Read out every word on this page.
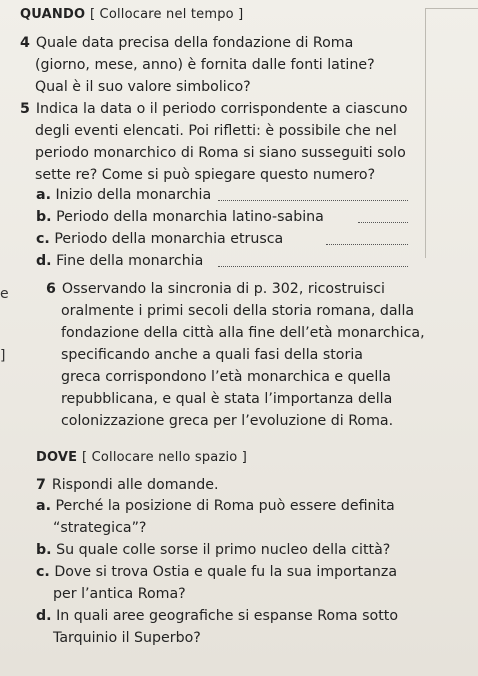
QUANDO [ Collocare nel tempo ]
4 Quale data precisa della fondazione di Roma
(giorno, mese, anno) è fornita dalle fonti latine?
Qual è il suo valore simbolico?
5 Indica la data o il periodo corrispondente a ciascuno
degli eventi elencati. Poi rifletti: è possibile che nel
periodo monarchico di Roma si siano susseguiti solo
sette re? Come si può spiegare questo numero?
a. Inizio della monarchia
b. Periodo della monarchia latino-sabina
c. Periodo della monarchia etrusca
d. Fine della monarchia
e
]
6 Osservando la sincronia di p. 302, ricostruisci
oralmente i primi secoli della storia romana, dalla
fondazione della città alla fine dell’età monarchica,
specificando anche a quali fasi della storia
greca corrispondono l’età monarchica e quella
repubblicana, e qual è stata l’importanza della
colonizzazione greca per l’evoluzione di Roma.
DOVE [ Collocare nello spazio ]
7 Rispondi alle domande.
a. Perché la posizione di Roma può essere definita
“strategica”?
b. Su quale colle sorse il primo nucleo della città?
c. Dove si trova Ostia e quale fu la sua importanza
per l’antica Roma?
d. In quali aree geografiche si espanse Roma sotto
Tarquinio il Superbo?
